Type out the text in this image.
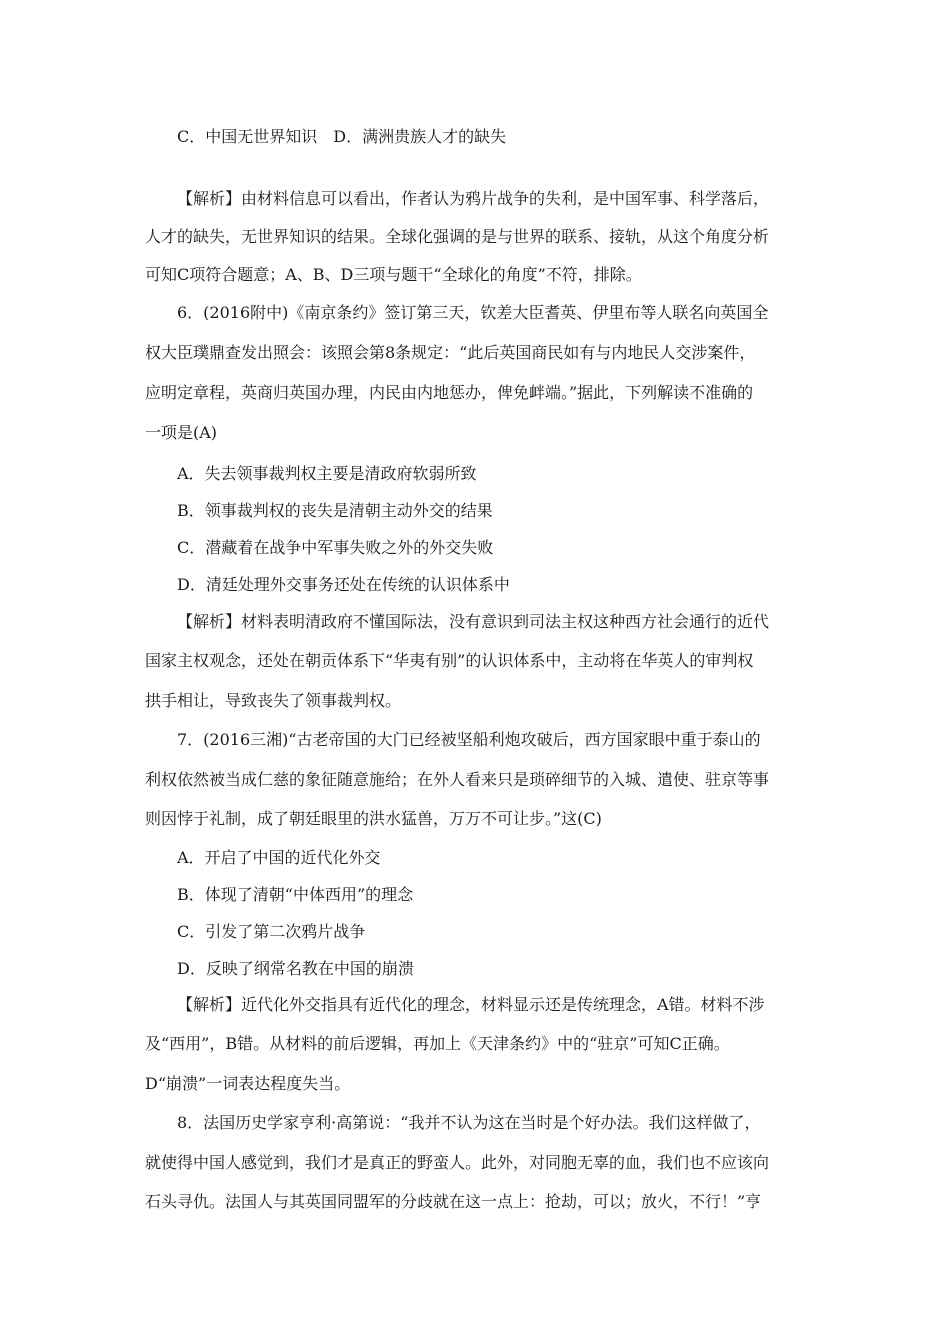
C．中国无世界知识　D．满洲贵族人才的缺失
【解析】由材料信息可以看出，作者认为鸦片战争的失利，是中国军事、科学落后，
人才的缺失，无世界知识的结果。全球化强调的是与世界的联系、接轨，从这个角度分析
可知C项符合题意；A、B、D三项与题干“全球化的角度”不符，排除。
6．(2016附中)《南京条约》签订第三天，钦差大臣耆英、伊里布等人联名向英国全
权大臣璞鼎查发出照会：该照会第8条规定：“此后英国商民如有与内地民人交涉案件，
应明定章程，英商归英国办理，内民由内地惩办，俾免衅端。”据此，下列解读不准确的
一项是(A)
A．失去领事裁判权主要是清政府软弱所致
B．领事裁判权的丧失是清朝主动外交的结果
C．潜藏着在战争中军事失败之外的外交失败
D．清廷处理外交事务还处在传统的认识体系中
【解析】材料表明清政府不懂国际法，没有意识到司法主权这种西方社会通行的近代
国家主权观念，还处在朝贡体系下“华夷有别”的认识体系中，主动将在华英人的审判权
拱手相让，导致丧失了领事裁判权。
7．(2016三湘)“古老帝国的大门已经被坚船利炮攻破后，西方国家眼中重于泰山的
利权依然被当成仁慈的象征随意施给；在外人看来只是琐碎细节的入城、遣使、驻京等事
则因悖于礼制，成了朝廷眼里的洪水猛兽，万万不可让步。”这(C)
A．开启了中国的近代化外交
B．体现了清朝“中体西用”的理念
C．引发了第二次鸦片战争
D．反映了纲常名教在中国的崩溃
【解析】近代化外交指具有近代化的理念，材料显示还是传统理念，A错。材料不涉
及“西用”，B错。从材料的前后逻辑，再加上《天津条约》中的“驻京”可知C正确。
D“崩溃”一词表达程度失当。
8．法国历史学家亨利·高第说：“我并不认为这在当时是个好办法。我们这样做了，
就使得中国人感觉到，我们才是真正的野蛮人。此外，对同胞无辜的血，我们也不应该向
石头寻仇。法国人与其英国同盟军的分歧就在这一点上：抢劫，可以；放火，不行！”亨
